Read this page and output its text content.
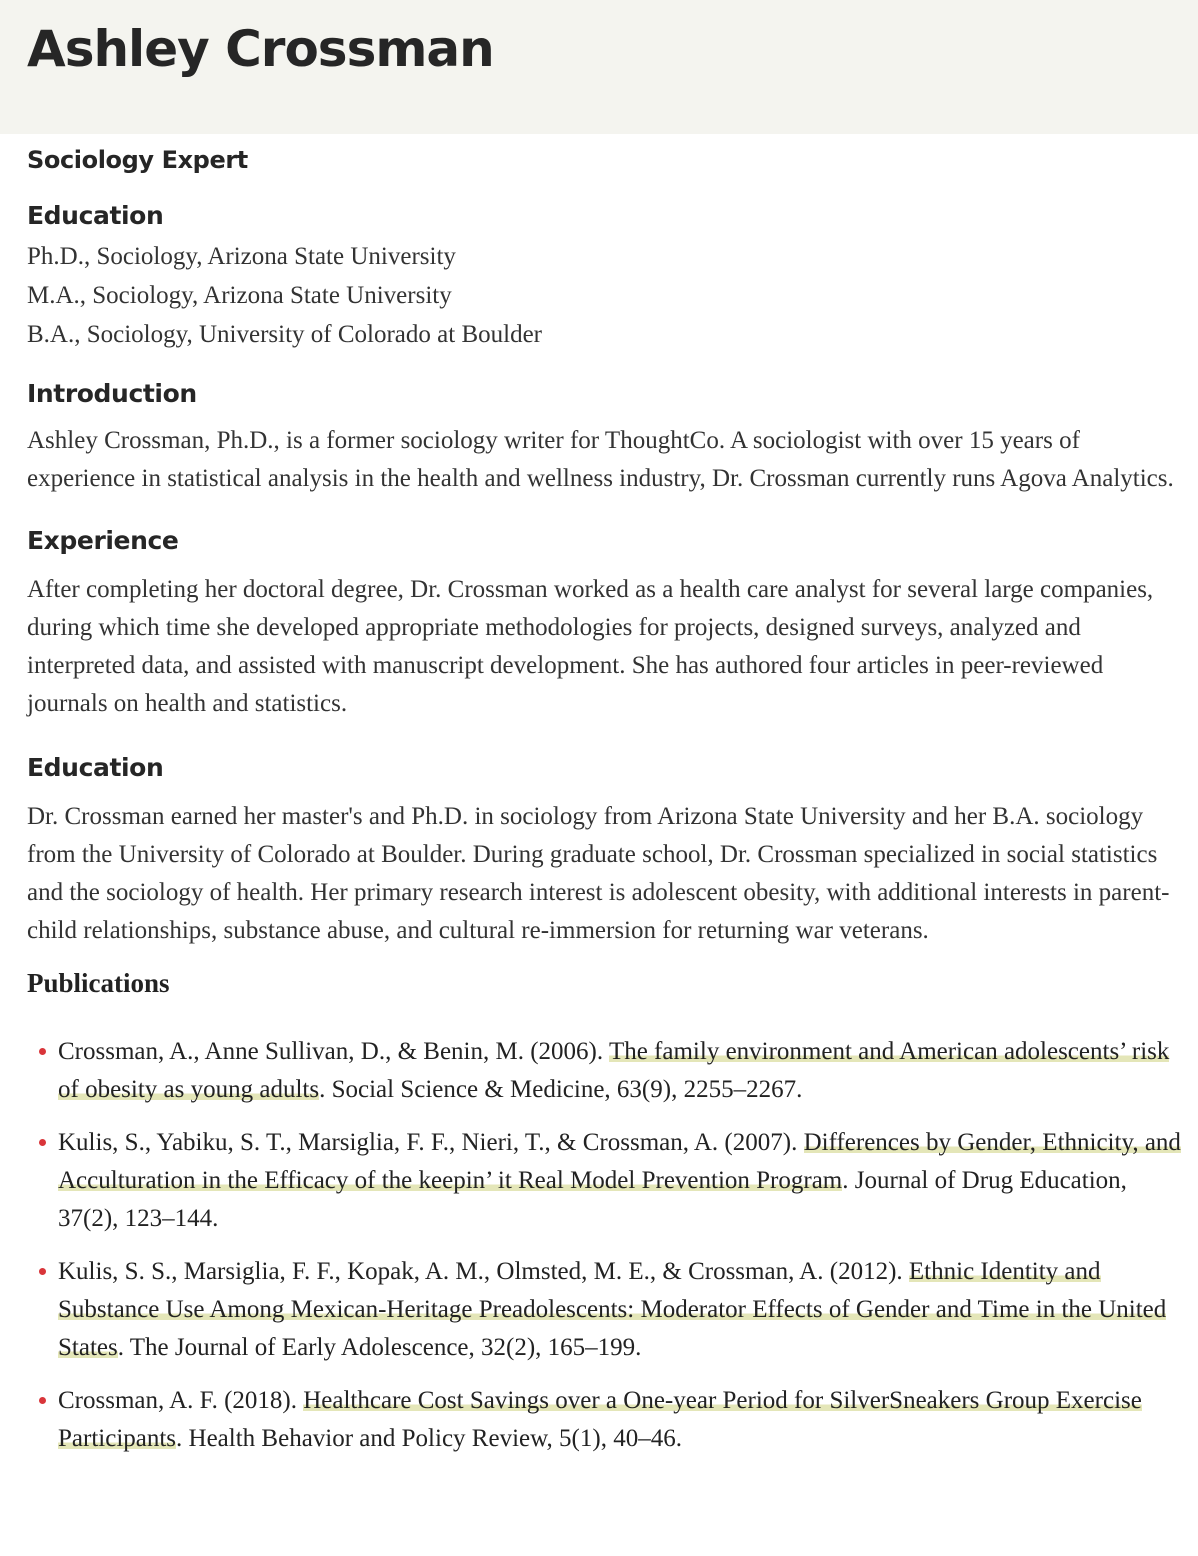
Ashley Crossman
Sociology Expert
Education

Ph.D., Sociology, Arizona State University

M.A., Sociology, Arizona State University

B.A., Sociology, University of Colorado at Boulder

Introduction

Ashley Crossman, Ph.D., is a former sociology writer for ThoughtCo. A sociologist with over 15 years of experience in statistical analysis in the health and wellness industry, Dr. Crossman currently runs Agova Analytics.

Experience

After completing her doctoral degree, Dr. Crossman worked as a health care analyst for several large companies, during which time she developed appropriate methodologies for projects, designed surveys, analyzed and interpreted data, and assisted with manuscript development. She has authored four articles in peer-reviewed journals on health and statistics.

Education

Dr. Crossman earned her master's and Ph.D. in sociology from Arizona State University and her B.A. sociology from the University of Colorado at Boulder. During graduate school, Dr. Crossman specialized in social statistics and the sociology of health. Her primary research interest is adolescent obesity, with additional interests in parent-child relationships, substance abuse, and cultural re-immersion for returning war veterans.

Publications
Crossman, A., Anne Sullivan, D., & Benin, M. (2006). The family environment and American adolescents’ risk of obesity as young adults. Social Science & Medicine, 63(9), 2255–2267.
Kulis, S., Yabiku, S. T., Marsiglia, F. F., Nieri, T., & Crossman, A. (2007). Differences by Gender, Ethnicity, and Acculturation in the Efficacy of the keepin’ it Real Model Prevention Program. Journal of Drug Education, 37(2), 123–144.
Kulis, S. S., Marsiglia, F. F., Kopak, A. M., Olmsted, M. E., & Crossman, A. (2012). Ethnic Identity and Substance Use Among Mexican-Heritage Preadolescents: Moderator Effects of Gender and Time in the United States. The Journal of Early Adolescence, 32(2), 165–199.
Crossman, A. F. (2018). Healthcare Cost Savings over a One-year Period for SilverSneakers Group Exercise Participants. Health Behavior and Policy Review, 5(1), 40–46.
